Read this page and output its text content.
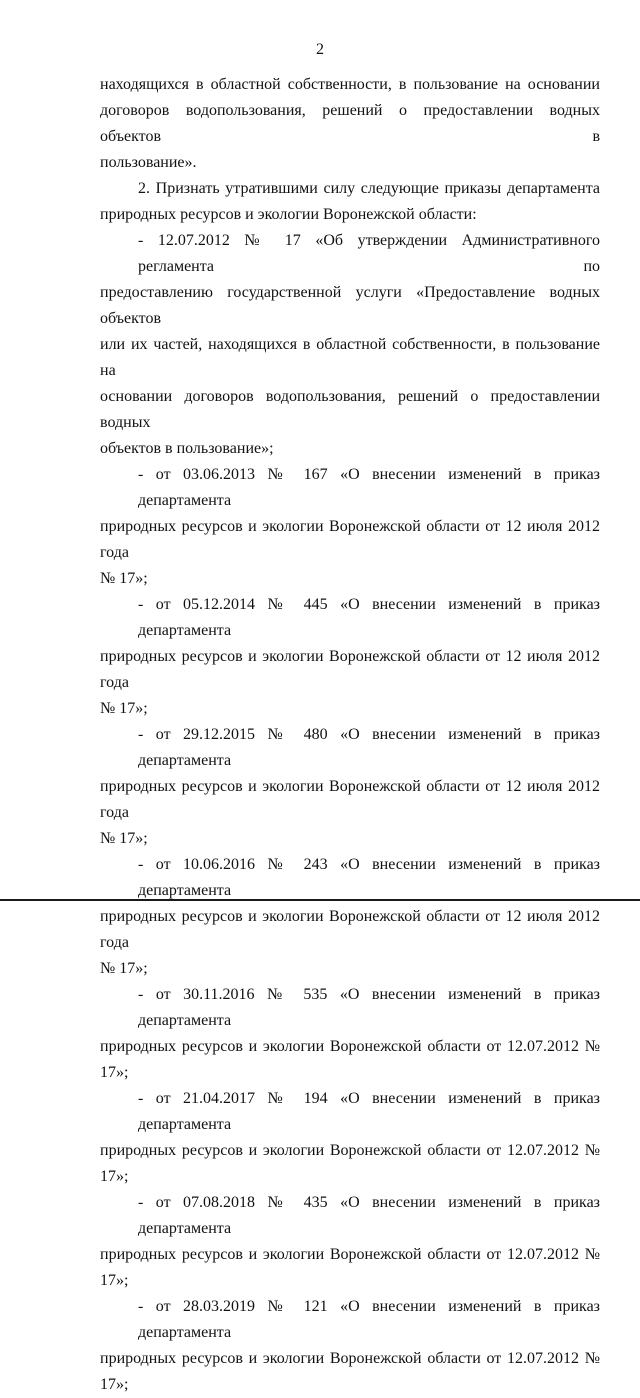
2

находящихся в областной собственности, в пользование на основании
договоров водопользования, решений о предоставлении водных объектов в
пользование».

2. Признать утратившими силу следующие приказы департамента
природных ресурсов и экологии Воронежской области:

- 12.07.2012 № 17 «Об утверждении Административного регламента по
предоставлению государственной услуги «Предоставление водных объектов
или их частей, находящихся в областной собственности, в пользование на
основании договоров водопользования, решений о предоставлении водных
объектов в пользование»;

- от 03.06.2013 № 167 «О внесении изменений в приказ департамента
природных ресурсов и экологии Воронежской области от 12 июля 2012 года
№ 17»;

- от 05.12.2014 № 445 «О внесении изменений в приказ департамента
природных ресурсов и экологии Воронежской области от 12 июля 2012 года
№ 17»;

- от 29.12.2015 № 480 «О внесении изменений в приказ департамента
природных ресурсов и экологии Воронежской области от 12 июля 2012 года
№ 17»;

- от 10.06.2016 № 243 «О внесении изменений в приказ департамента
природных ресурсов и экологии Воронежской области от 12 июля 2012 года
№ 17»;

- от 30.11.2016 № 535 «О внесении изменений в приказ департамента
природных ресурсов и экологии Воронежской области от 12.07.2012 № 17»;

- от 21.04.2017 № 194 «О внесении изменений в приказ департамента
природных ресурсов и экологии Воронежской области от 12.07.2012 № 17»;

- от 07.08.2018 № 435 «О внесении изменений в приказ департамента
природных ресурсов и экологии Воронежской области от 12.07.2012 № 17»;

- от 28.03.2019 № 121 «О внесении изменений в приказ департамента
природных ресурсов и экологии Воронежской области от 12.07.2012 № 17»;
